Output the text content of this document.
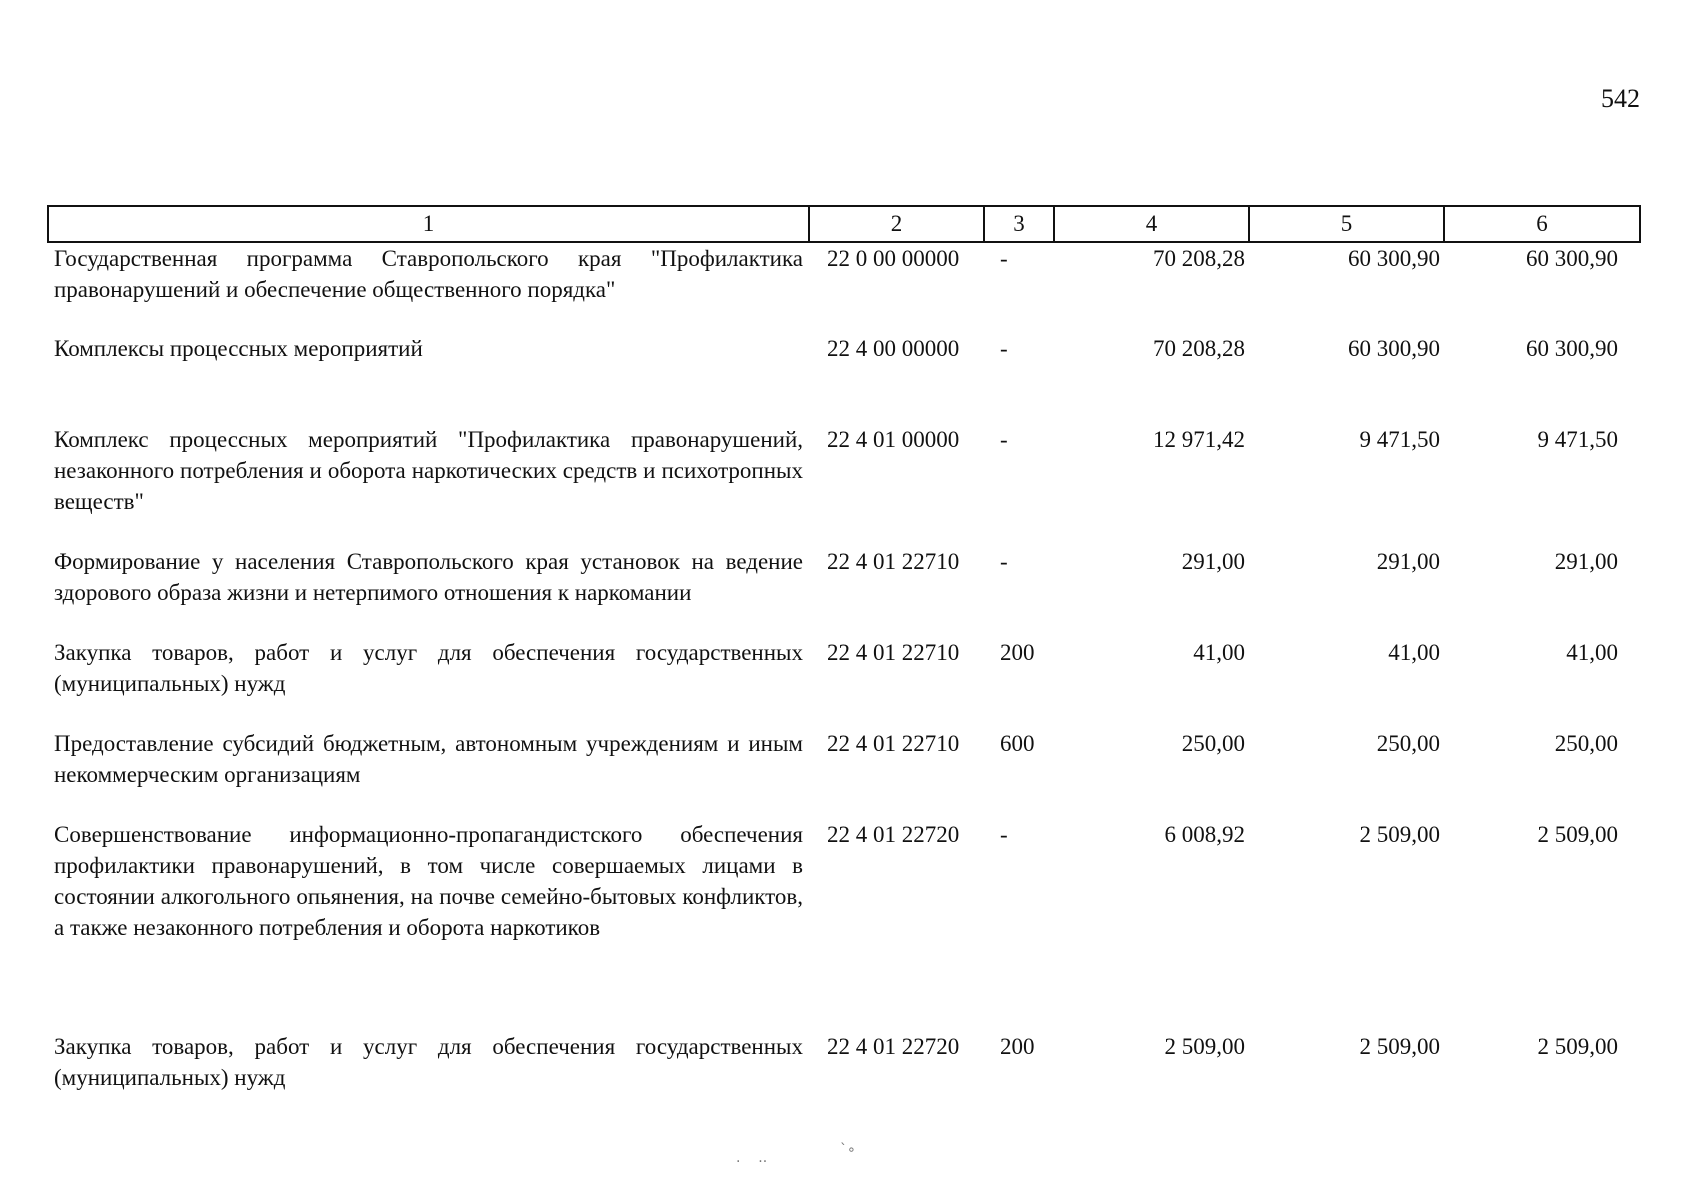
542
1	2	3	4	5	6
Государственная программа Ставропольского края "Профилактика правонарушений и обеспечение общественного порядка"	22 0 00 00000	-	70 208,28	60 300,90	60 300,90
Комплексы процессных мероприятий	22 4 00 00000	-	70 208,28	60 300,90	60 300,90
Комплекс процессных мероприятий "Профилактика правонарушений, незаконного потребления и оборота наркотических средств и психотропных веществ"	22 4 01 00000	-	12 971,42	9 471,50	9 471,50
Формирование у населения Ставропольского края установок на ведение здорового образа жизни и нетерпимого отношения к наркомании	22 4 01 22710	-	291,00	291,00	291,00
Закупка товаров, работ и услуг для обеспечения государственных (муниципальных) нужд	22 4 01 22710	200	41,00	41,00	41,00
Предоставление субсидий бюджетным, автономным учреждениям и иным некоммерческим организациям	22 4 01 22710	600	250,00	250,00	250,00
Совершенствование информационно-пропагандистского обеспечения профилактики правонарушений, в том числе совершаемых лицами в состоянии алкогольного опьянения, на почве семейно-бытовых конфликтов, а также незаконного потребления и оборота наркотиков	22 4 01 22720	-	6 008,92	2 509,00	2 509,00
Закупка товаров, работ и услуг для обеспечения государственных (муниципальных) нужд	22 4 01 22720	200	2 509,00	2 509,00	2 509,00
.    ..	`∘
